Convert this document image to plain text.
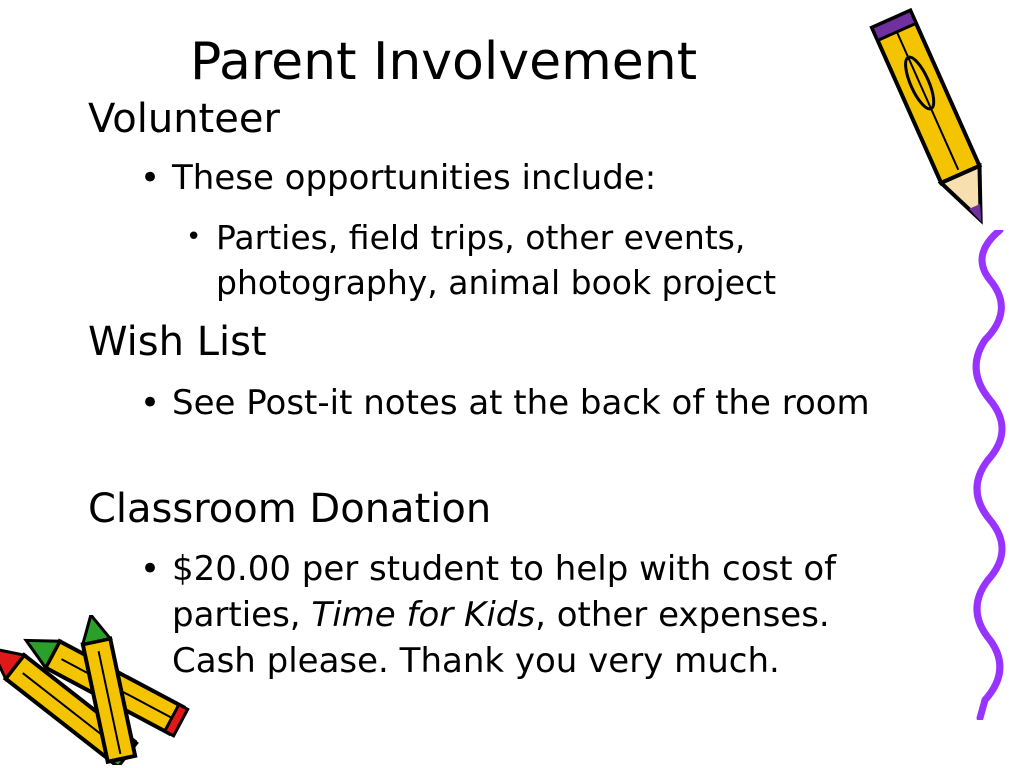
Parent Involvement
Volunteer
• These opportunities include:
• Parties, field trips, other events, photography, animal book project
Wish List
• See Post-it notes at the back of the room
Classroom Donation
• $20.00 per student to help with cost of parties, Time for Kids, other expenses. Cash please. Thank you very much.
